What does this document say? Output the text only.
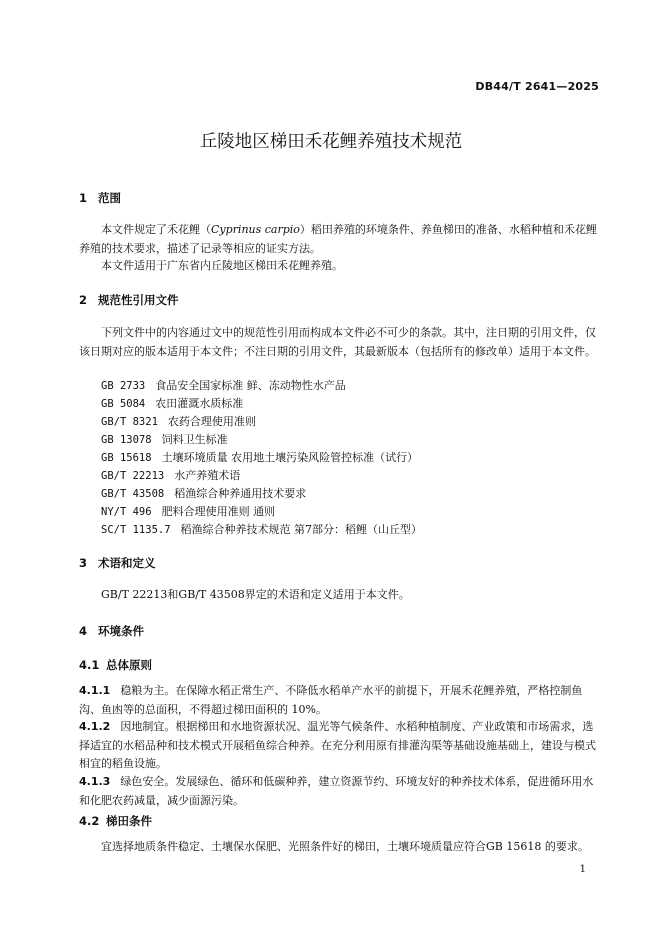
DB44/T 2641—2025
丘陵地区梯田禾花鲤养殖技术规范
1 范围

本文件规定了禾花鲤（Cyprinus carpio）稻田养殖的环境条件、养鱼梯田的准备、水稻种植和禾花鲤养殖的技术要求，描述了记录等相应的证实方法。

本文件适用于广东省内丘陵地区梯田禾花鲤养殖。

2 规范性引用文件

下列文件中的内容通过文中的规范性引用而构成本文件必不可少的条款。其中，注日期的引用文件，仅该日期对应的版本适用于本文件；不注日期的引用文件，其最新版本（包括所有的修改单）适用于本文件。

GB 2733 食品安全国家标准 鲜、冻动物性水产品
GB 5084 农田灌溉水质标准
GB/T 8321 农药合理使用准则
GB 13078 饲料卫生标准
GB 15618 土壤环境质量 农用地土壤污染风险管控标准（试行）
GB/T 22213 水产养殖术语
GB/T 43508 稻渔综合种养通用技术要求
NY/T 496 肥料合理使用准则 通则
SC/T 1135.7 稻渔综合种养技术规范 第7部分：稻鲤（山丘型）
3 术语和定义

GB/T 22213和GB/T 43508界定的术语和定义适用于本文件。

4 环境条件
4.1 总体原则

4.1.1 稳粮为主。在保障水稻正常生产、不降低水稻单产水平的前提下，开展禾花鲤养殖，严格控制鱼沟、鱼凼等的总面积，不得超过梯田面积的 10%。

4.1.2 因地制宜。根据梯田和水地资源状况、温光等气候条件、水稻种植制度、产业政策和市场需求，选择适宜的水稻品种和技术模式开展稻鱼综合种养。在充分利用原有排灌沟渠等基础设施基础上，建设与模式相宜的稻鱼设施。

4.1.3 绿色安全。发展绿色、循环和低碳种养，建立资源节约、环境友好的种养技术体系，促进循环用水和化肥农药减量，减少面源污染。

4.2 梯田条件

宜选择地质条件稳定、土壤保水保肥、光照条件好的梯田，土壤环境质量应符合GB 15618 的要求。

1
